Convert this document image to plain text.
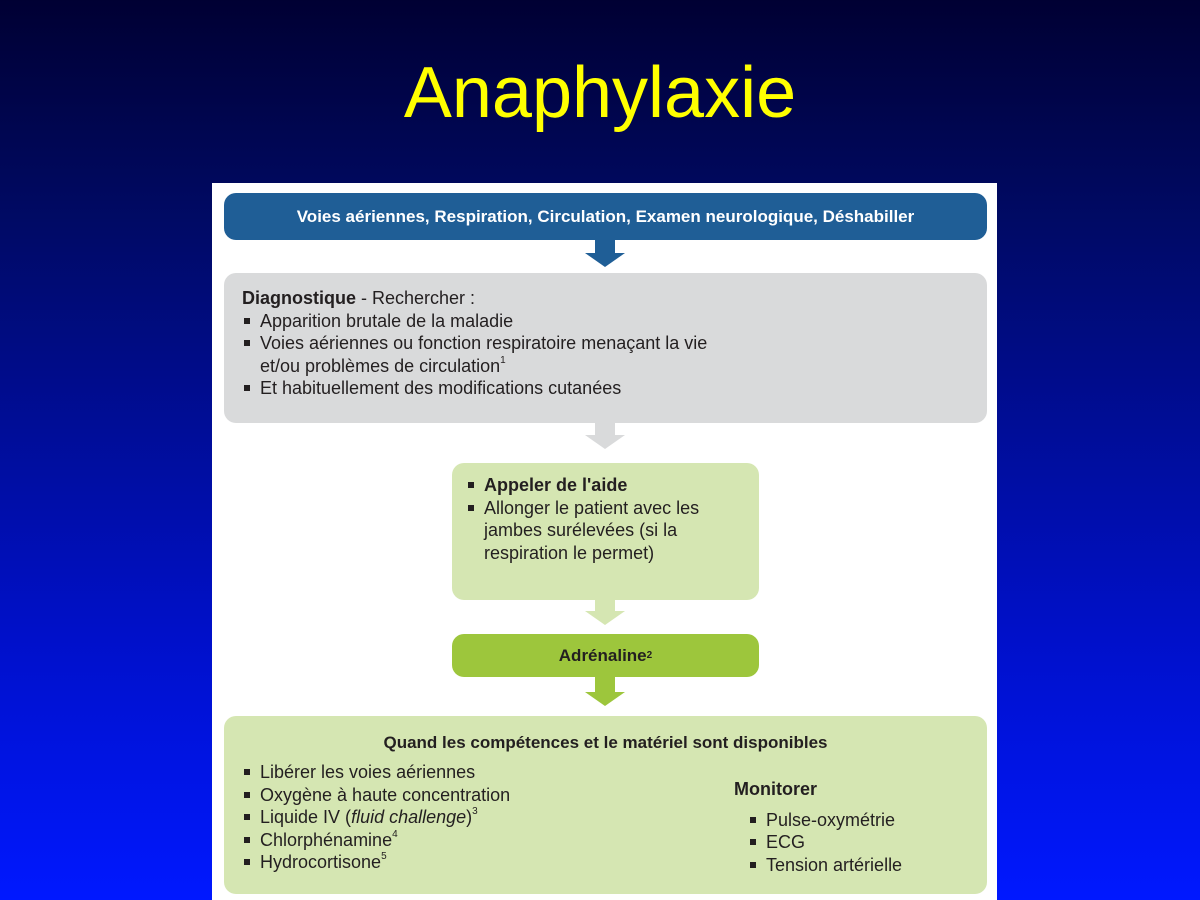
Anaphylaxie
Voies aériennes, Respiration, Circulation, Examen neurologique, Déshabiller
Diagnostique - Rechercher :
Apparition brutale de la maladie
Voies aériennes ou fonction respiratoire menaçant la vie
et/ou problèmes de circulation$^1$
Et habituellement des modifications cutanées
Appeler de l'aide
Allonger le patient avec les jambes surélevées (si la respiration le permet)
Adrénaline 2
Quand les compétences et le matériel sont disponibles
Libérer les voies aériennes
Oxygène à haute concentration
Liquide IV (fluid challenge)$^3$
Chlorphénamine$^4$
Hydrocortisone$^5$
Monitorer
Pulse-oxymétrie
ECG
Tension artérielle
